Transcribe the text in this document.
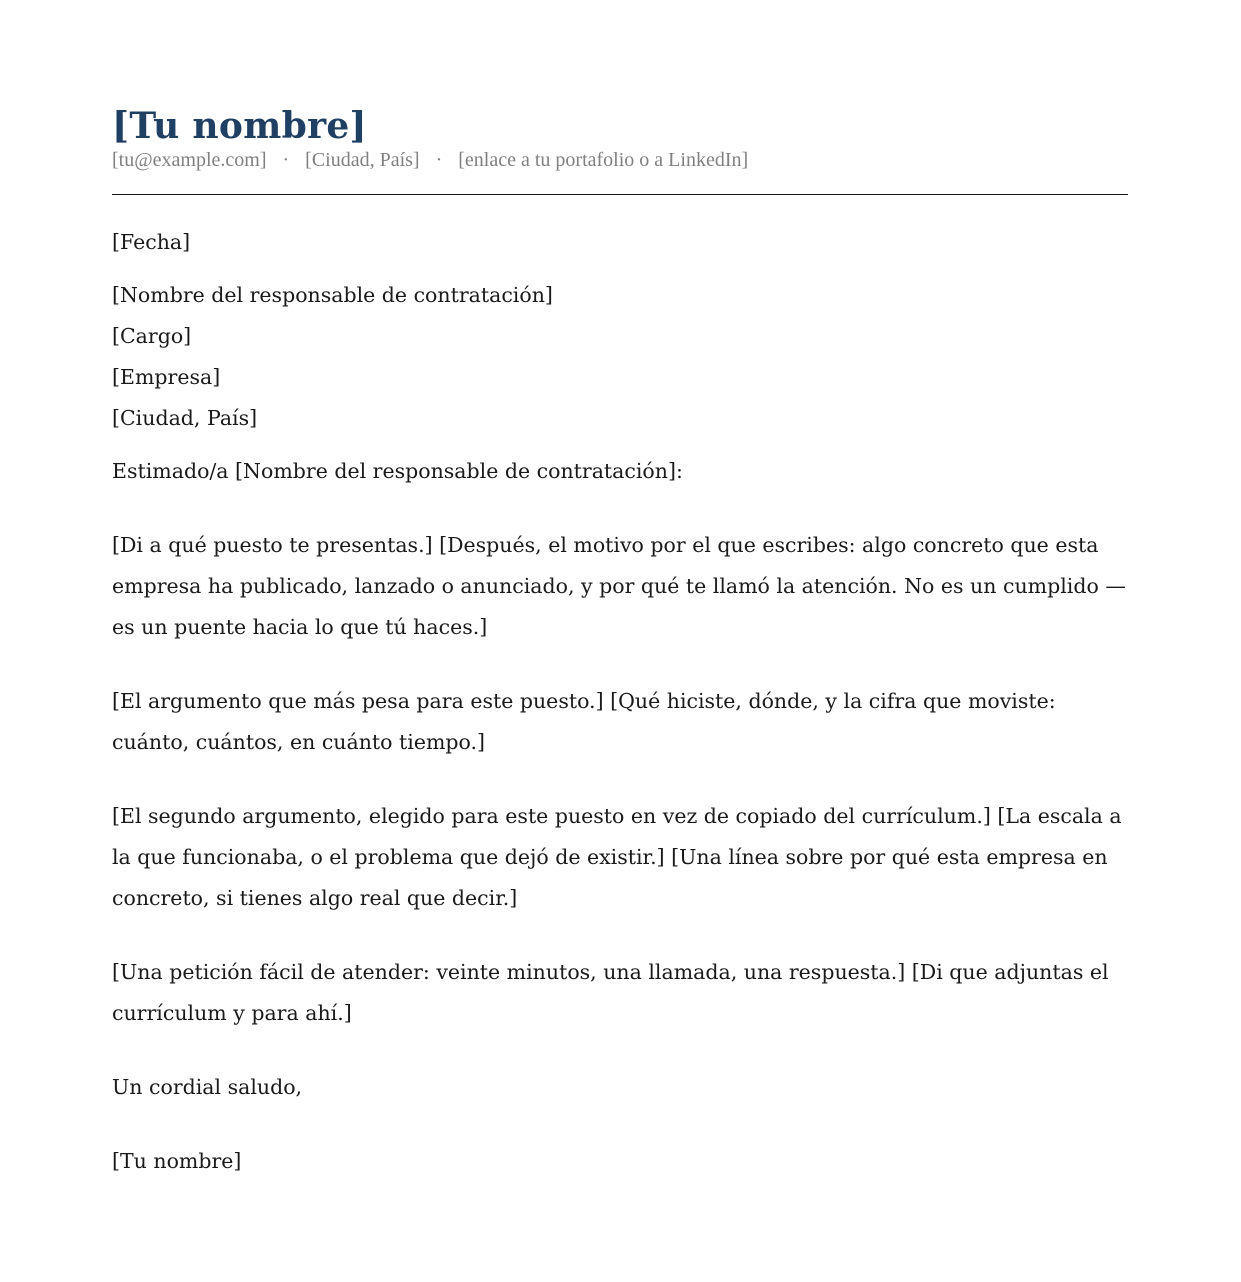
[Tu nombre]
[tu@example.com] · [Ciudad, País] · [enlace a tu portafolio o a LinkedIn]

[Fecha]

[Nombre del responsable de contratación]

[Cargo]

[Empresa]

[Ciudad, País]

Estimado/a [Nombre del responsable de contratación]:

[Di a qué puesto te presentas.] [Después, el motivo por el que escribes: algo concreto que esta empresa ha publicado, lanzado o anunciado, y por qué te llamó la atención. No es un cumplido — es un puente hacia lo que tú haces.]

[El argumento que más pesa para este puesto.] [Qué hiciste, dónde, y la cifra que moviste: cuánto, cuántos, en cuánto tiempo.]

[El segundo argumento, elegido para este puesto en vez de copiado del currículum.] [La escala a la que funcionaba, o el problema que dejó de existir.] [Una línea sobre por qué esta empresa en concreto, si tienes algo real que decir.]

[Una petición fácil de atender: veinte minutos, una llamada, una respuesta.] [Di que adjuntas el currículum y para ahí.]

Un cordial saludo,

[Tu nombre]
